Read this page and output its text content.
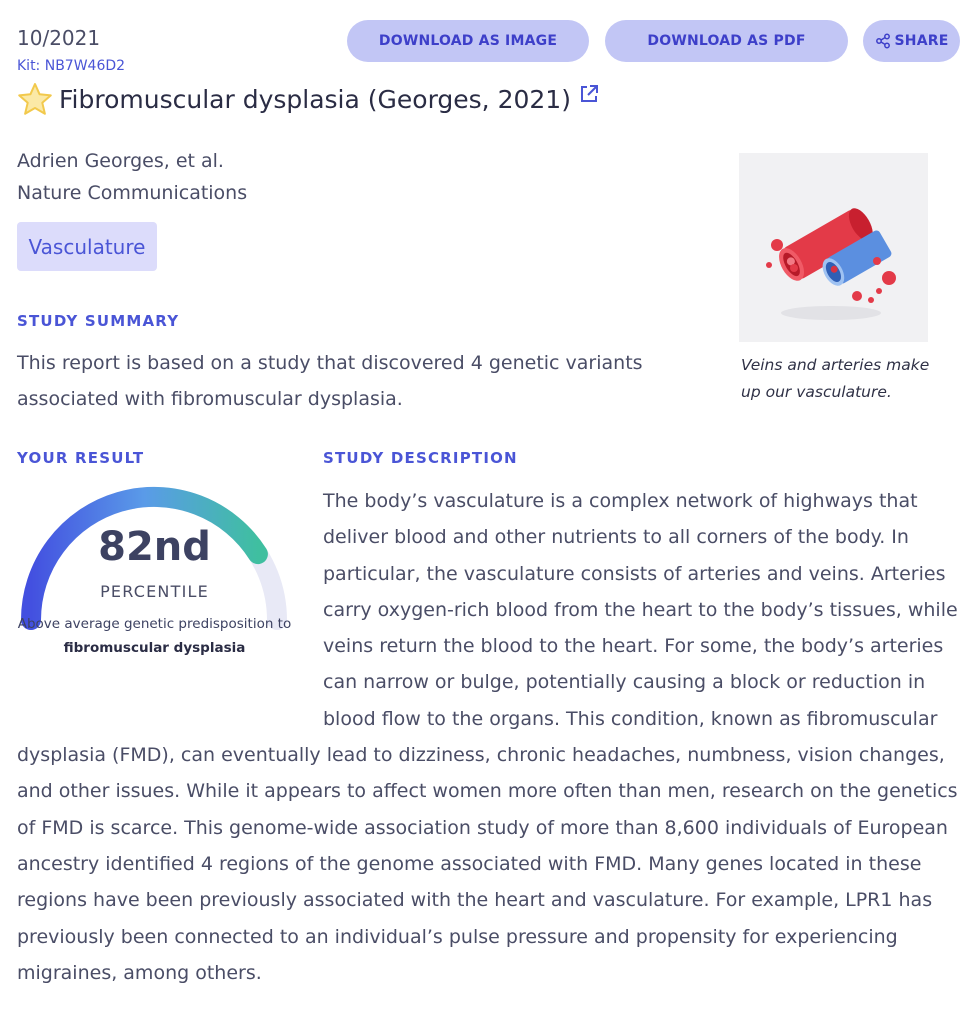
10/2021
Kit: NB7W46D2
DOWNLOAD AS IMAGE	DOWNLOAD AS PDF	SHARE
Fibromuscular dysplasia (Georges, 2021)
Adrien Georges, et al.
Nature Communications
Vasculature
STUDY SUMMARY
This report is based on a study that discovered 4 genetic variants associated with fibromuscular dysplasia.
Veins and arteries make up our vasculature.
YOUR RESULT	STUDY DESCRIPTION
82nd
PERCENTILE
Above average genetic predisposition to
fibromuscular dysplasia
The body’s vasculature is a complex network of highways that deliver blood and other nutrients to all corners of the body. In particular, the vasculature consists of arteries and veins. Arteries carry oxygen-rich blood from the heart to the body’s tissues, while veins return the blood to the heart. For some, the body’s arteries can narrow or bulge, potentially causing a block or reduction in blood flow to the organs. This condition, known as fibromuscular dysplasia (FMD), can eventually lead to dizziness, chronic headaches, numbness, vision changes, and other issues. While it appears to affect women more often than men, research on the genetics of FMD is scarce. This genome-wide association study of more than 8,600 individuals of European ancestry identified 4 regions of the genome associated with FMD. Many genes located in these regions have been previously associated with the heart and vasculature. For example, LPR1 has previously been connected to an individual’s pulse pressure and propensity for experiencing migraines, among others.
